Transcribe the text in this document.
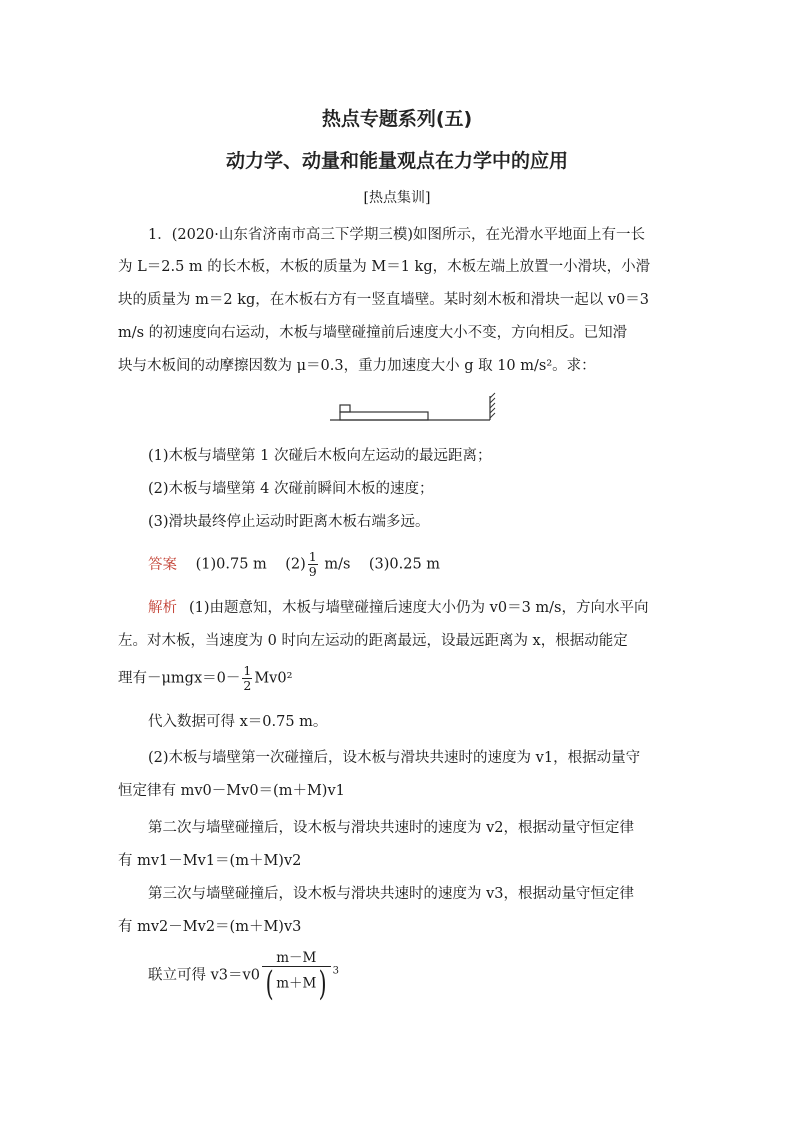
热点专题系列(五)
动力学、动量和能量观点在力学中的应用
[热点集训]
1．(2020·山东省济南市高三下学期三模)如图所示，在光滑水平地面上有一长
为 L＝2.5 m 的长木板，木板的质量为 M＝1 kg，木板左端上放置一小滑块，小滑
块的质量为 m＝2 kg，在木板右方有一竖直墙壁。某时刻木板和滑块一起以 v0＝3
m/s 的初速度向右运动，木板与墙壁碰撞前后速度大小不变，方向相反。已知滑
块与木板间的动摩擦因数为 μ＝0.3，重力加速度大小 g 取 10 m/s²。求：
(1)木板与墙壁第 1 次碰后木板向左运动的最远距离；
(2)木板与墙壁第 4 次碰前瞬间木板的速度；
(3)滑块最终停止运动时距离木板右端多远。
答案 (1)0.75 m $(2) \frac{1}{9} m/s$ (3)0.25 m
解析 (1)由题意知，木板与墙壁碰撞后速度大小仍为 v0＝3 m/s，方向水平向
左。对木板，当速度为 0 时向左运动的距离最远，设最远距离为 x，根据动能定
理有$-\mu mgx=0- \frac{1}{2} Mv0^2$
代入数据可得 x＝0.75 m。
(2)木板与墙壁第一次碰撞后，设木板与滑块共速时的速度为 v1，根据动量守
恒定律有 mv0－Mv0＝(m＋M)v1
第二次与墙壁碰撞后，设木板与滑块共速时的速度为 v2，根据动量守恒定律
有 mv1－Mv1＝(m＋M)v2
第三次与墙壁碰撞后，设木板与滑块共速时的速度为 v3，根据动量守恒定律
有 mv2－Mv2＝(m＋M)v3
联立可得 $v3=v0 \frac{m-M}{( m+M)} ^3$
